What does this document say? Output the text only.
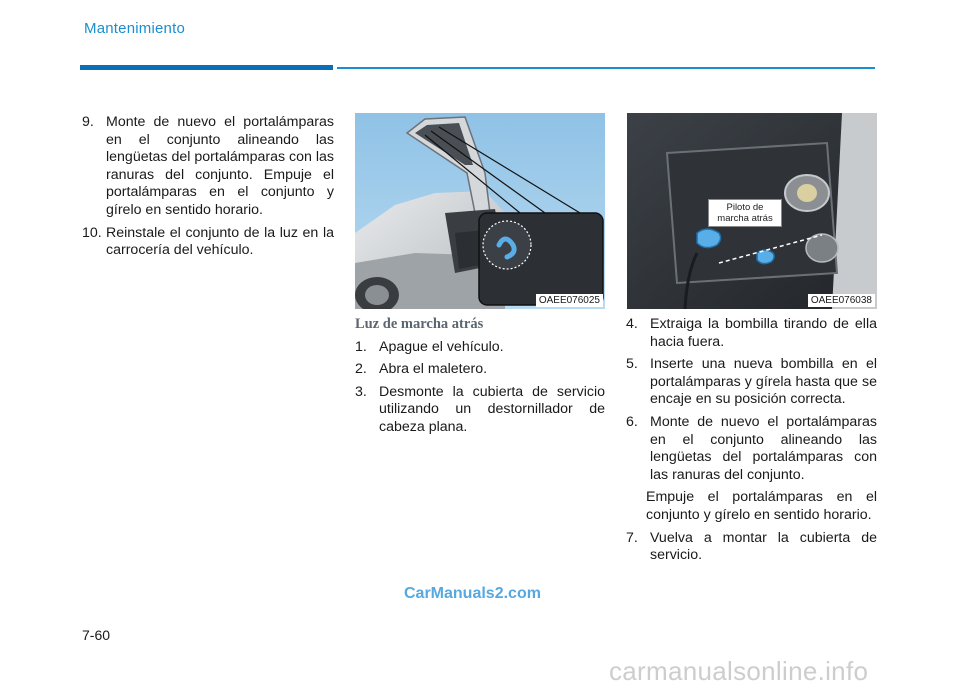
Mantenimiento
9. Monte de nuevo el portalámparas en el conjunto alineando las lengüetas del portalámparas con las ranuras del conjunto. Empuje el portalámparas en el conjunto y gírelo en sentido horario.
10. Reinstale el conjunto de la luz en la carrocería del vehículo.
OAEE076025	OAEE076038
Piloto de marcha atrás
Luz de marcha atrás
1. Apague el vehículo.
2. Abra el maletero.
3. Desmonte la cubierta de servicio utilizando un destornillador de cabeza plana.
4. Extraiga la bombilla tirando de ella hacia fuera.
5. Inserte una nueva bombilla en el portalámparas y gírela hasta que se encaje en su posición correcta.
6. Monte de nuevo el portalámparas en el conjunto alineando las lengüetas del portalámparas con las ranuras del conjunto.
Empuje el portalámparas en el conjunto y gírelo en sentido horario.
7. Vuelva a montar la cubierta de servicio.
CarManuals2.com
7-60
carmanualsonline.info
